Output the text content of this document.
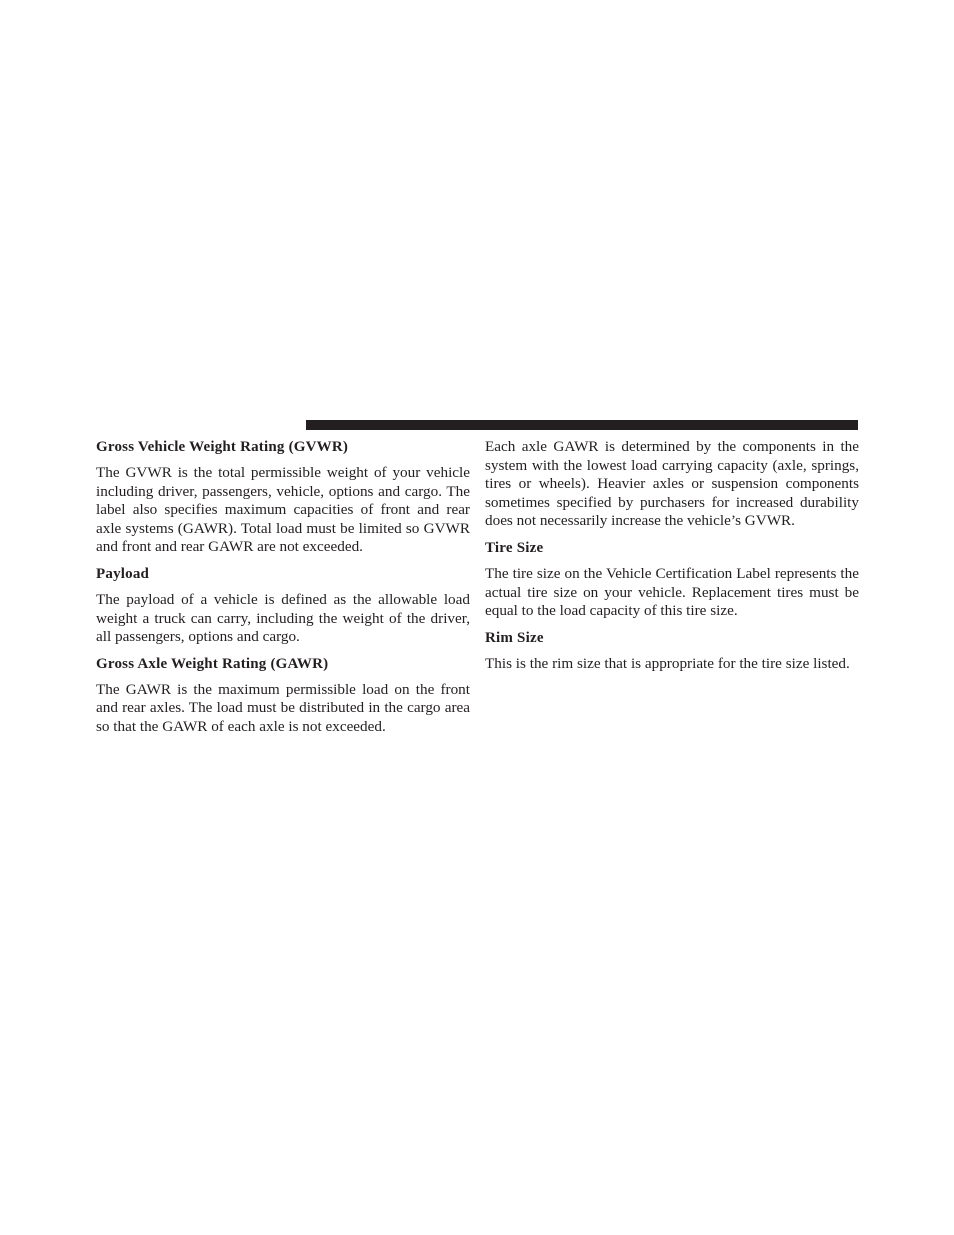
Gross Vehicle Weight Rating (GVWR)

The GVWR is the total permissible weight of your vehicle including driver, passengers, vehicle, options and cargo. The label also specifies maximum capacities of front and rear axle systems (GAWR). Total load must be limited so GVWR and front and rear GAWR are not exceeded.

Payload

The payload of a vehicle is defined as the allowable load weight a truck can carry, including the weight of the driver, all passengers, options and cargo.

Gross Axle Weight Rating (GAWR)

The GAWR is the maximum permissible load on the front and rear axles. The load must be distributed in the cargo area so that the GAWR of each axle is not exceeded.

Each axle GAWR is determined by the components in the system with the lowest load carrying capacity (axle, springs, tires or wheels). Heavier axles or suspension components sometimes specified by purchasers for increased durability does not necessarily increase the vehicle’s GVWR.

Tire Size

The tire size on the Vehicle Certification Label represents the actual tire size on your vehicle. Replacement tires must be equal to the load capacity of this tire size.

Rim Size

This is the rim size that is appropriate for the tire size listed.
